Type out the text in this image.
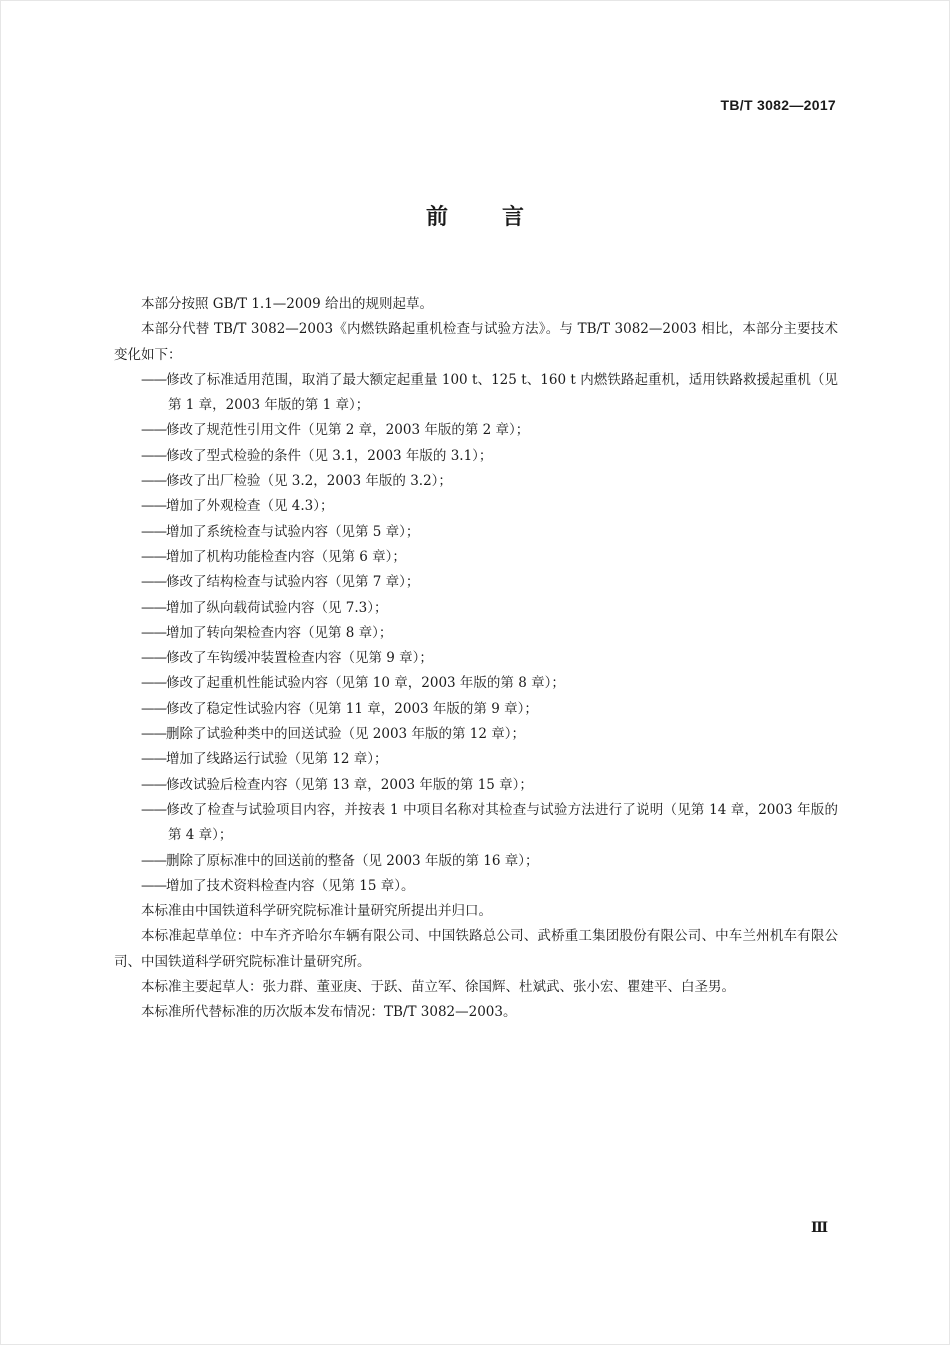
TB/T 3082—2017
前 言

本部分按照 GB/T 1.1—2009 给出的规则起草。

本部分代替 TB/T 3082—2003《内燃铁路起重机检查与试验方法》。与 TB/T 3082—2003 相比，本部分主要技术变化如下：

——修改了标准适用范围，取消了最大额定起重量 100 t、125 t、160 t 内燃铁路起重机，适用铁路救援起重机（见第 1 章，2003 年版的第 1 章）；
——修改了规范性引用文件（见第 2 章，2003 年版的第 2 章）；
——修改了型式检验的条件（见 3.1，2003 年版的 3.1）；
——修改了出厂检验（见 3.2，2003 年版的 3.2）；
——增加了外观检查（见 4.3）；
——增加了系统检查与试验内容（见第 5 章）；
——增加了机构功能检查内容（见第 6 章）；
——修改了结构检查与试验内容（见第 7 章）；
——增加了纵向载荷试验内容（见 7.3）；
——增加了转向架检查内容（见第 8 章）；
——修改了车钩缓冲装置检查内容（见第 9 章）；
——修改了起重机性能试验内容（见第 10 章，2003 年版的第 8 章）；
——修改了稳定性试验内容（见第 11 章，2003 年版的第 9 章）；
——删除了试验种类中的回送试验（见 2003 年版的第 12 章）；
——增加了线路运行试验（见第 12 章）；
——修改试验后检查内容（见第 13 章，2003 年版的第 15 章）；
——修改了检查与试验项目内容，并按表 1 中项目名称对其检查与试验方法进行了说明（见第 14 章，2003 年版的第 4 章）；
——删除了原标准中的回送前的整备（见 2003 年版的第 16 章）；
——增加了技术资料检查内容（见第 15 章）。

本标准由中国铁道科学研究院标准计量研究所提出并归口。

本标准起草单位：中车齐齐哈尔车辆有限公司、中国铁路总公司、武桥重工集团股份有限公司、中车兰州机车有限公司、中国铁道科学研究院标准计量研究所。

本标准主要起草人：张力群、董亚庚、于跃、苗立军、徐国辉、杜斌武、张小宏、瞿建平、白圣男。

本标准所代替标准的历次版本发布情况：TB/T 3082—2003。

Ⅲ
